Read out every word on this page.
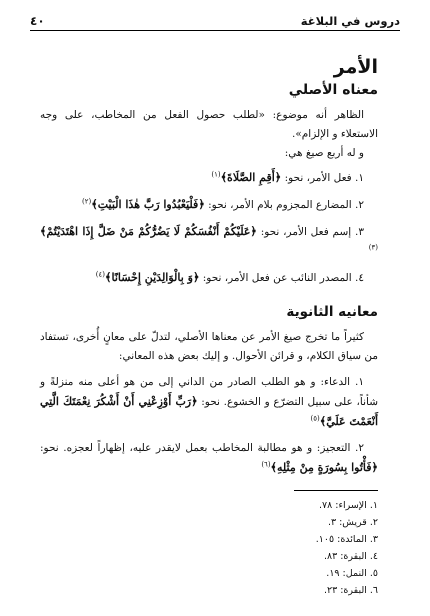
دروس في البلاغة
٤٠
الأمر
معناه الأصلي

الظاهر أنه موضوع: «لطلب حصول الفعل من المخاطب، على وجه الاستعلاء و الإلزام».

و له أربع صيغ هي:

١. فعل الأمر، نحو: ﴿أَقِمِ الصَّلَاةَ﴾$^{(١)}$

٢. المضارع المجزوم بلام الأمر، نحو: ﴿فَلْيَعْبُدُوا رَبَّ هٰذَا الْبَيْتِ﴾$^{(٢)}$

٣. إسم فعل الأمر، نحو: ﴿عَلَيْكُمْ أَنْفُسَكُمْ لَا يَضُرُّكُمْ مَنْ ضَلَّ إِذَا اهْتَدَيْتُمْ﴾$^{(٣)}$

٤. المصدر النائب عن فعل الأمر، نحو: ﴿وَ بِالْوَالِدَيْنِ إِحْسَانًا﴾$^{(٤)}$

معانيه الثانوية

كثيراً ما تخرج صيغ الأمر عن معناها الأصلي، لتدلّ على معانٍ أُخرى، تستفاد من سياق الكلام، و قرائن الأحوال. و إليك بعض هذه المعاني:

١. الدعاء: و هو الطلب الصادر من الداني إلى من هو أعلى منه منزلةً و شأناً، على سبيل التضرّع و الخشوع. نحو: ﴿رَبِّ أَوْزِعْنِي أَنْ أَشْكُرَ نِعْمَتَكَ الَّتِي أَنْعَمْتَ عَلَيَّ﴾$^{(٥)}$

٢. التعجيز: و هو مطالبة المخاطب بعمل لايقدر عليه، إظهاراً لعجزه. نحو: ﴿فَأْتُوا بِسُورَةٍ مِنْ مِثْلِهِ﴾$^{(٦)}$

١. الإسراء: ٧٨.
٢. قريش: ٣.
٣. المائدة: ١٠٥.
٤. البقرة: ٨٣.
٥. النمل: ١٩.
٦. البقرة: ٢٣.
